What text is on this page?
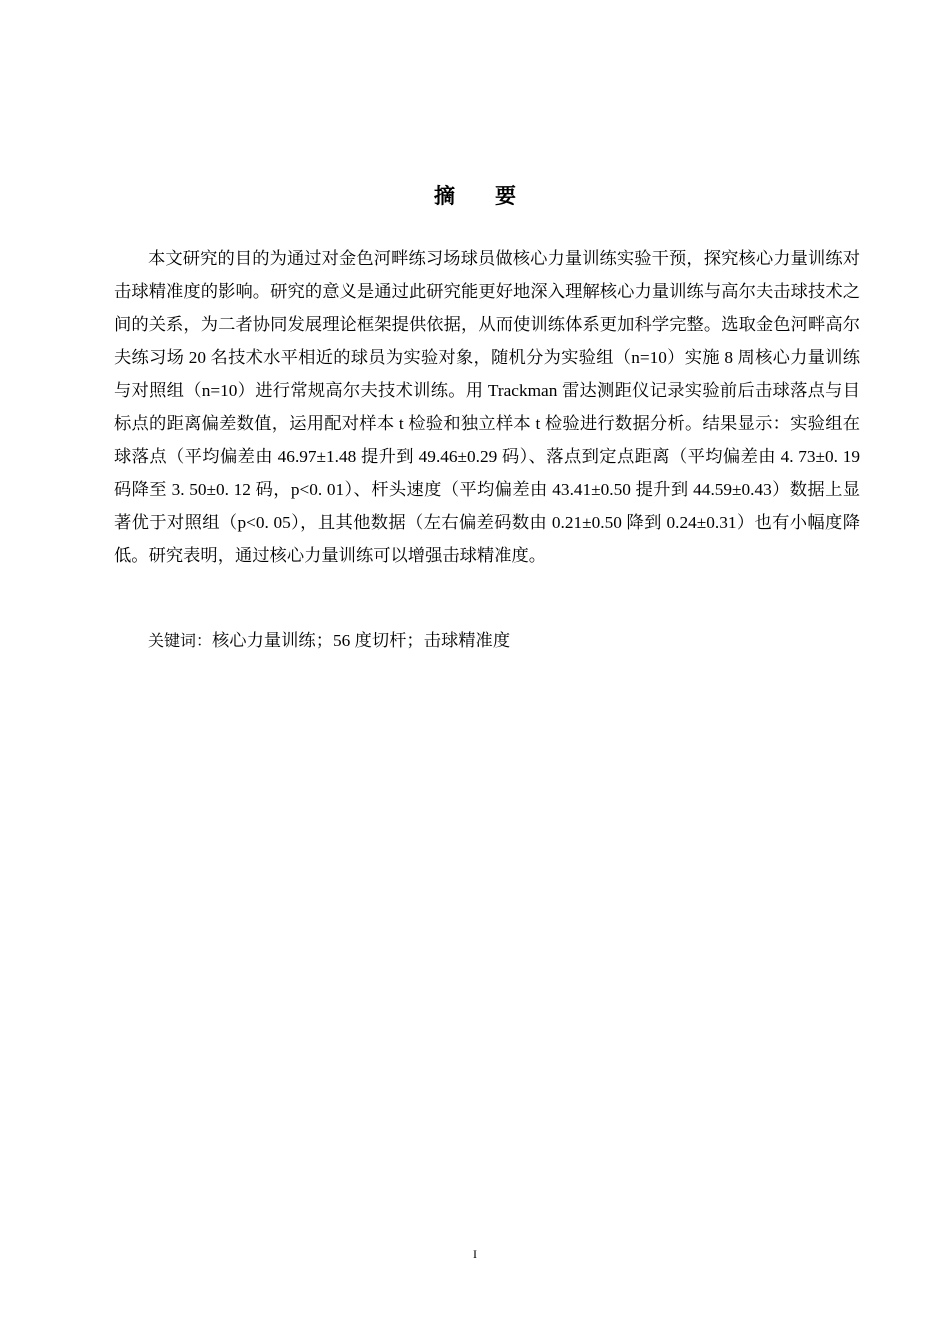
摘要

本文研究的目的为通过对金色河畔练习场球员做核心力量训练实验干预，探究核心力量训练对击球精准度的影响。研究的意义是通过此研究能更好地深入理解核心力量训练与高尔夫击球技术之间的关系，为二者协同发展理论框架提供依据，从而使训练体系更加科学完整。选取金色河畔高尔夫练习场 20 名技术水平相近的球员为实验对象，随机分为实验组（n=10）实施 8 周核心力量训练与对照组（n=10）进行常规高尔夫技术训练。用 Trackman 雷达测距仪记录实验前后击球落点与目标点的距离偏差数值，运用配对样本 t 检验和独立样本 t 检验进行数据分析。结果显示：实验组在球落点（平均偏差由 46.97±1.48 提升到 49.46±0.29 码）、落点到定点距离（平均偏差由 4. 73±0. 19 码降至 3. 50±0. 12 码，p<0. 01）、杆头速度（平均偏差由 43.41±0.50 提升到 44.59±0.43）数据上显著优于对照组（p<0. 05），且其他数据（左右偏差码数由 0.21±0.50 降到 0.24±0.31）也有小幅度降低。研究表明，通过核心力量训练可以增强击球精准度。

关键词：核心力量训练；56 度切杆；击球精准度
I
